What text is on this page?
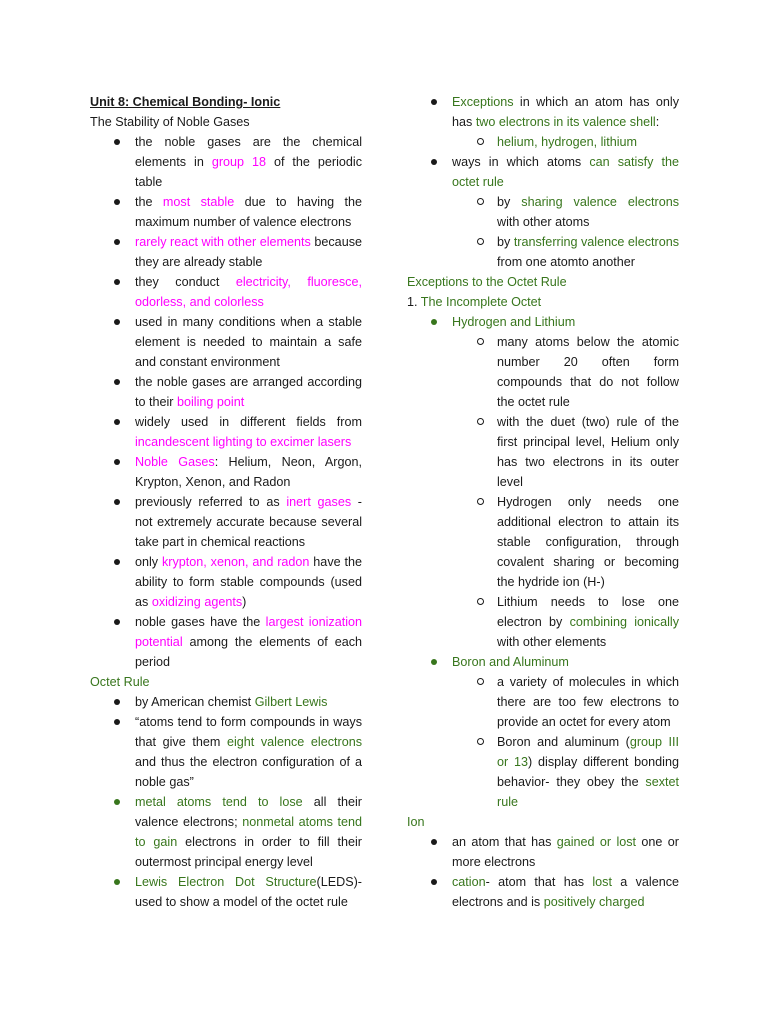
Unit 8: Chemical Bonding- Ionic

The Stability of Noble Gases

the noble gases are the chemical elements in group 18 of the periodic table
the most stable due to having the maximum number of valence electrons
rarely react with other elements because they are already stable
they conduct electricity, fluoresce, odorless, and colorless
used in many conditions when a stable element is needed to maintain a safe and constant environment
the noble gases are arranged according to their boiling point
widely used in different fields from incandescent lighting to excimer lasers
Noble Gases: Helium, Neon, Argon, Krypton, Xenon, and Radon
previously referred to as inert gases - not extremely accurate because several take part in chemical reactions
only krypton, xenon, and radon have the ability to form stable compounds (used as oxidizing agents)
noble gases have the largest ionization potential among the elements of each period

Octet Rule

by American chemist Gilbert Lewis
“atoms tend to form compounds in ways that give them eight valence electrons and thus the electron configuration of a noble gas”
metal atoms tend to lose all their valence electrons; nonmetal atoms tend to gain electrons in order to fill their outermost principal energy level
Lewis Electron Dot Structure(LEDS)- used to show a model of the octet rule
Exceptions in which an atom has only has two electrons in its valence shell:
helium, hydrogen, lithium
ways in which atoms can satisfy the octet rule
by sharing valence electrons with other atoms
by transferring valence electrons from one atomto another

Exceptions to the Octet Rule

1. The Incomplete Octet

Hydrogen and Lithium
many atoms below the atomic number 20 often form compounds that do not follow the octet rule
with the duet (two) rule of the first principal level, Helium only has two electrons in its outer level
Hydrogen only needs one additional electron to attain its stable configuration, through covalent sharing or becoming the hydride ion (H-)
Lithium needs to lose one electron by combining ionically with other elements
Boron and Aluminum
a variety of molecules in which there are too few electrons to provide an octet for every atom
Boron and aluminum (group III or 13) display different bonding behavior- they obey the sextet rule

Ion

an atom that has gained or lost one or more electrons
cation- atom that has lost a valence electrons and is positively charged
